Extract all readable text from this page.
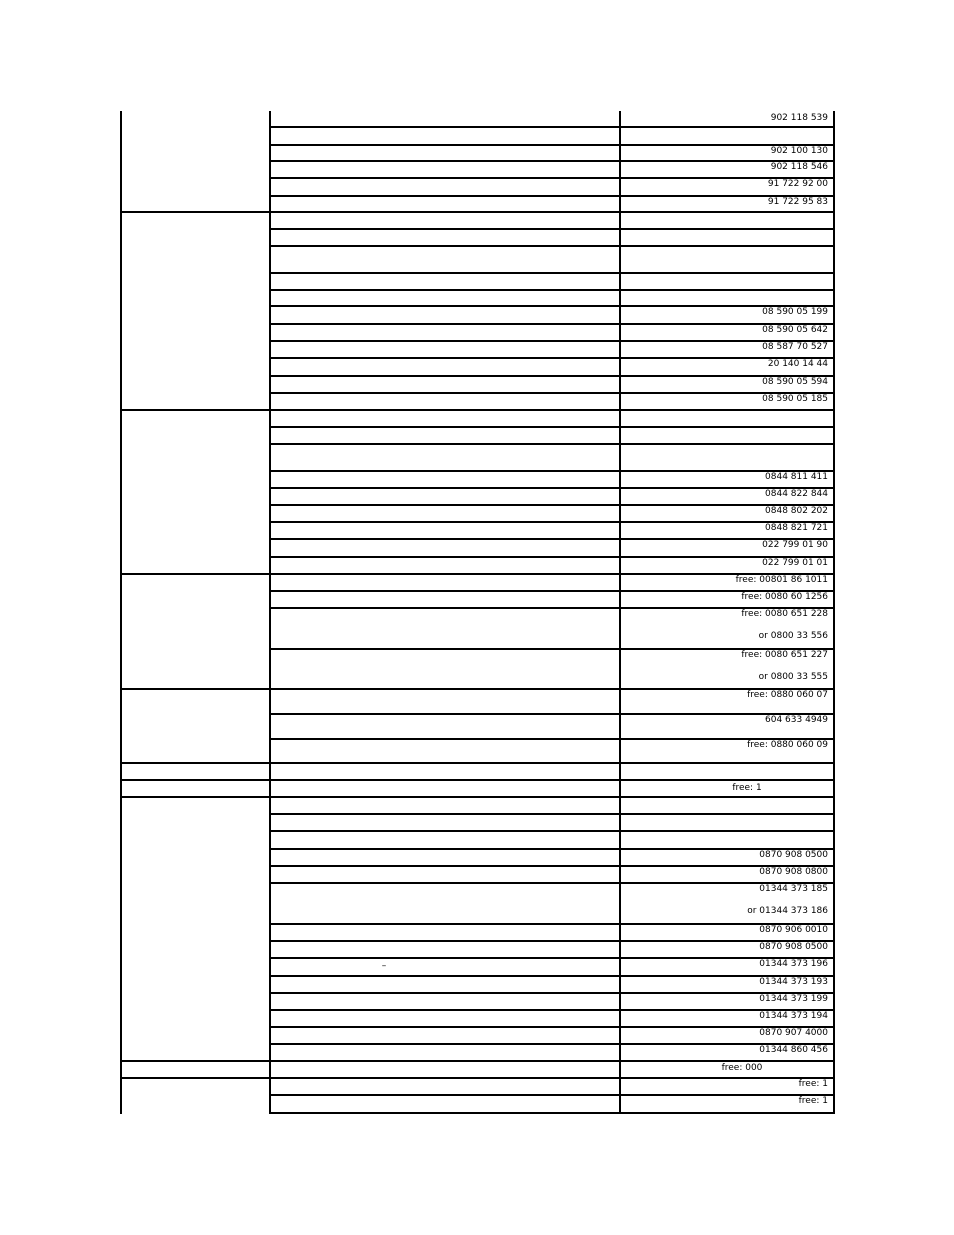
902 118 539
902 100 130
902 118 546
91 722 92 00
91 722 95 83
08 590 05 199
08 590 05 642
08 587 70 527
20 140 14 44
08 590 05 594
08 590 05 185
0844 811 411
0844 822 844
0848 802 202
0848 821 721
022 799 01 90
022 799 01 01
free: 00801 86 1011
free: 0080 60 1256
free: 0080 651 228
or 0800 33 556
free: 0080 651 227
or 0800 33 555
free: 0880 060 07
604 633 4949
free: 0880 060 09
0870 908 0500
0870 908 0800
01344 373 185
or 01344 373 186
0870 906 0010
0870 908 0500
01344 373 196
01344 373 193
01344 373 199
01344 373 194
0870 907 4000
01344 860 456
free: 1
free: 1
free: 1
free: 000
–
